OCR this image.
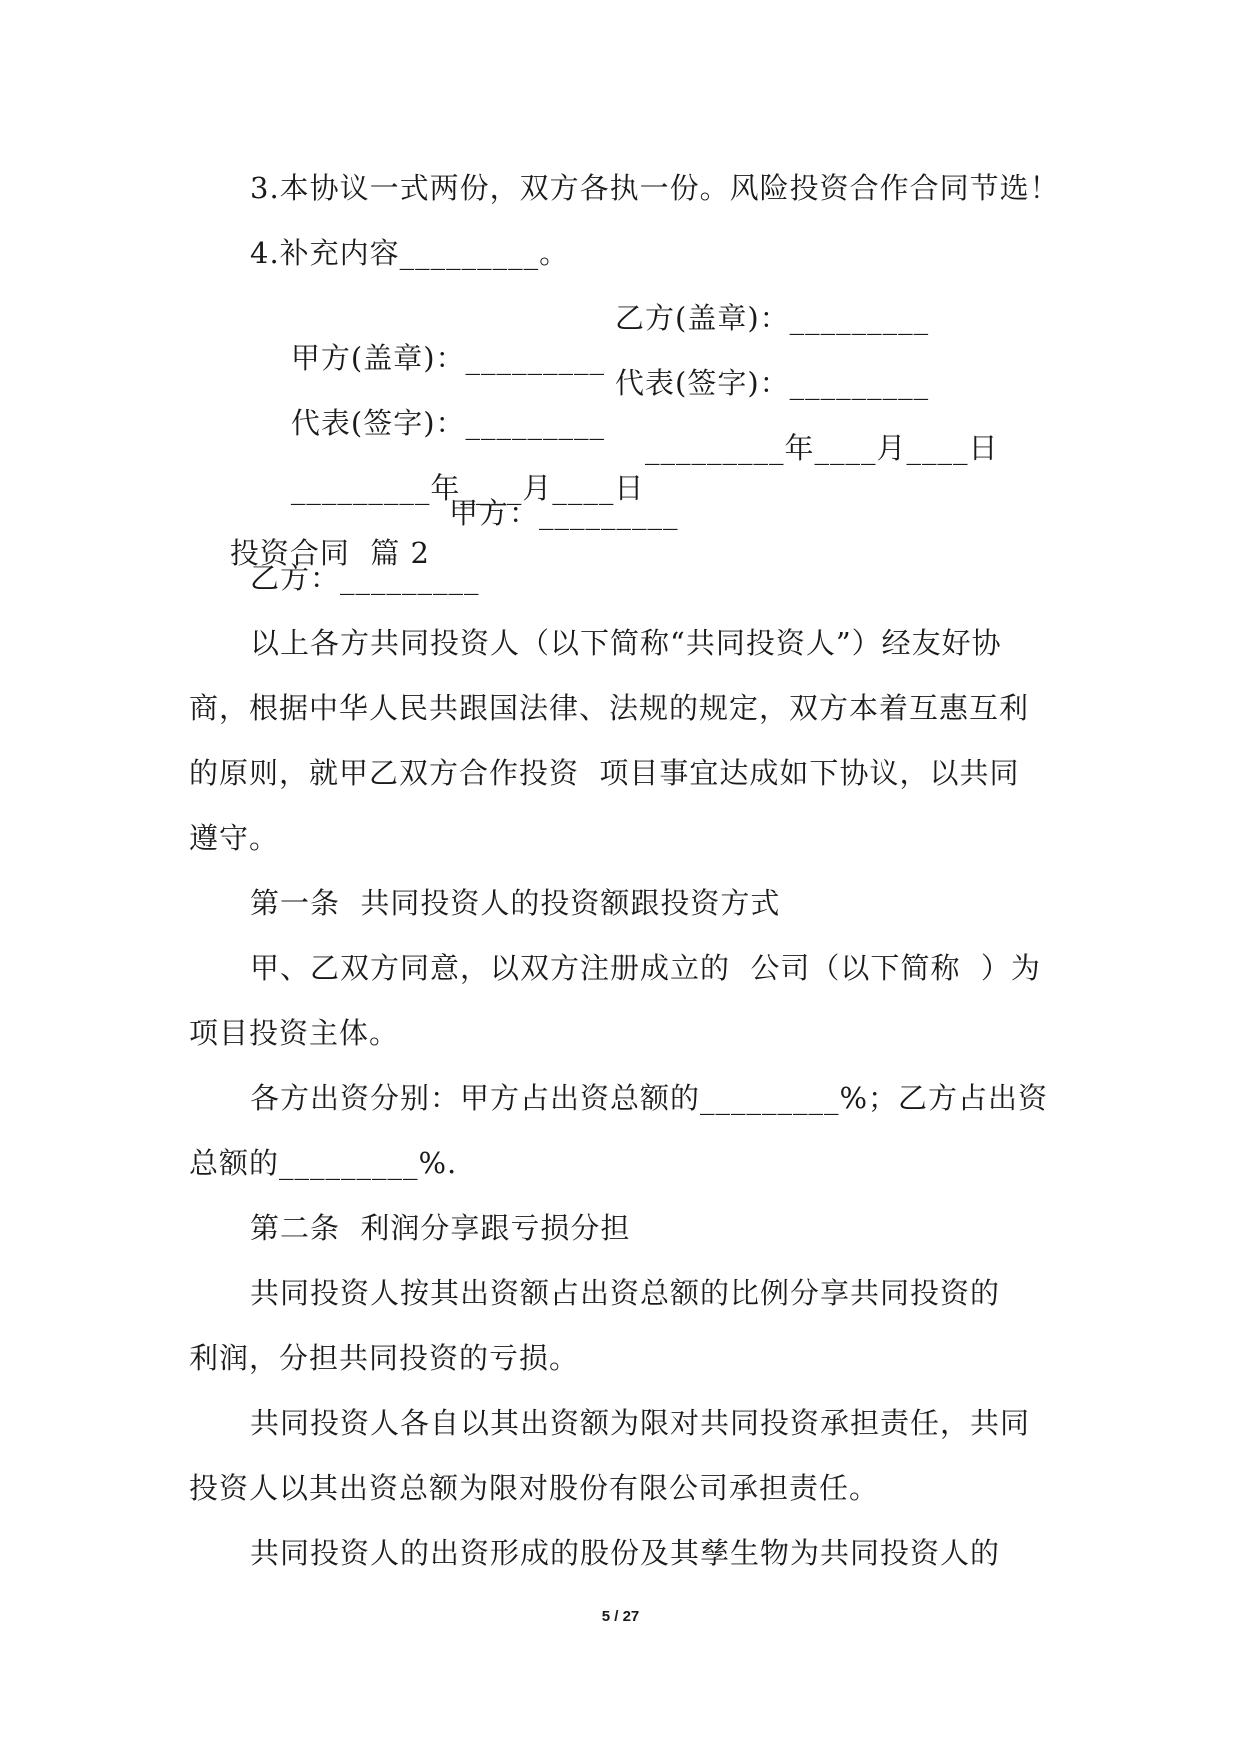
3.本协议一式两份，双方各执一份。风险投资合作合同节选！
4.补充内容_________。

甲方(盖章)：_________

乙方(盖章)：_________

代表(签字)：_________

代表(签字)：_________

_________年____月____日

_________年____月____日

投资合同  篇 2

甲方：_________

乙方：_________
以上各方共同投资人（以下简称“共同投资人”）经友好协
商，根据中华人民共跟国法律、法规的规定，双方本着互惠互利
的原则，就甲乙双方合作投资  项目事宜达成如下协议，以共同
遵守。
第一条  共同投资人的投资额跟投资方式
甲、乙双方同意，以双方注册成立的  公司（以下简称  ）为
项目投资主体。
各方出资分别：甲方占出资总额的_________%；乙方占出资
总额的_________%.
第二条  利润分享跟亏损分担
共同投资人按其出资额占出资总额的比例分享共同投资的
利润，分担共同投资的亏损。
共同投资人各自以其出资额为限对共同投资承担责任，共同
投资人以其出资总额为限对股份有限公司承担责任。
共同投资人的出资形成的股份及其孳生物为共同投资人的
5 / 27
